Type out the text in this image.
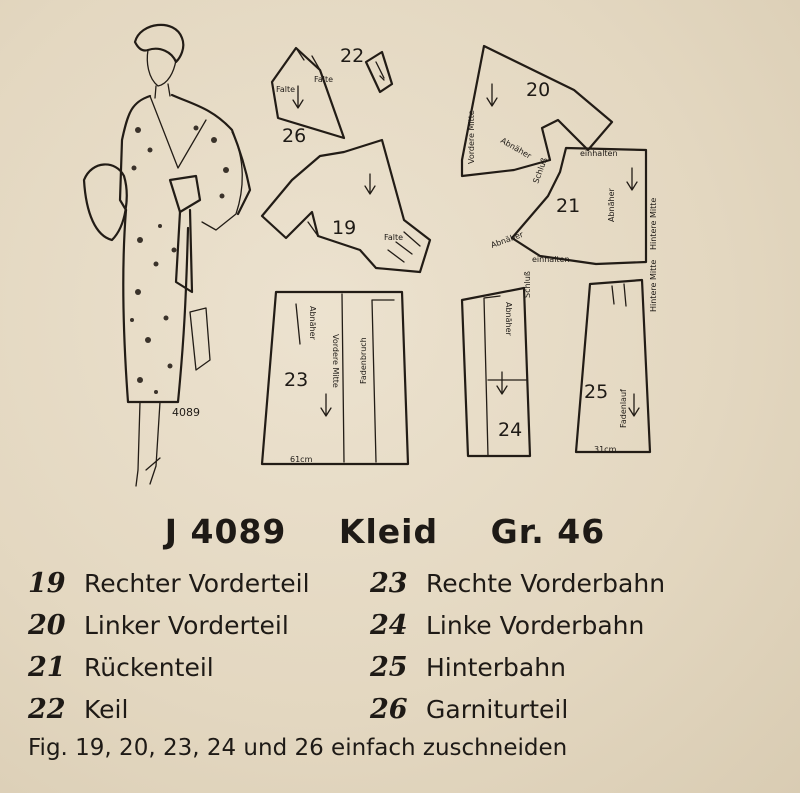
4089
Falte
Falte
26
22
19	Falte
23	Vordere Mitte Fadenbruch
Abnäher
61cm
20
Vordere Mitte	Abnäher
21
einhalten
Schluß
Abnäher
Abnäher
einhalten
Hintere Mitte
24
Abnäher
Schluß
25 Fadenlauf
Hintere Mitte
31cm
J 4089 Kleid Gr. 46
19 Rechter Vorderteil
20 Linker Vorderteil
21 Rückenteil
22 Keil
23 Rechte Vorderbahn
24 Linke Vorderbahn
25 Hinterbahn
26 Garniturteil
Fig. 19, 20, 23, 24 und 26 einfach zuschneiden
